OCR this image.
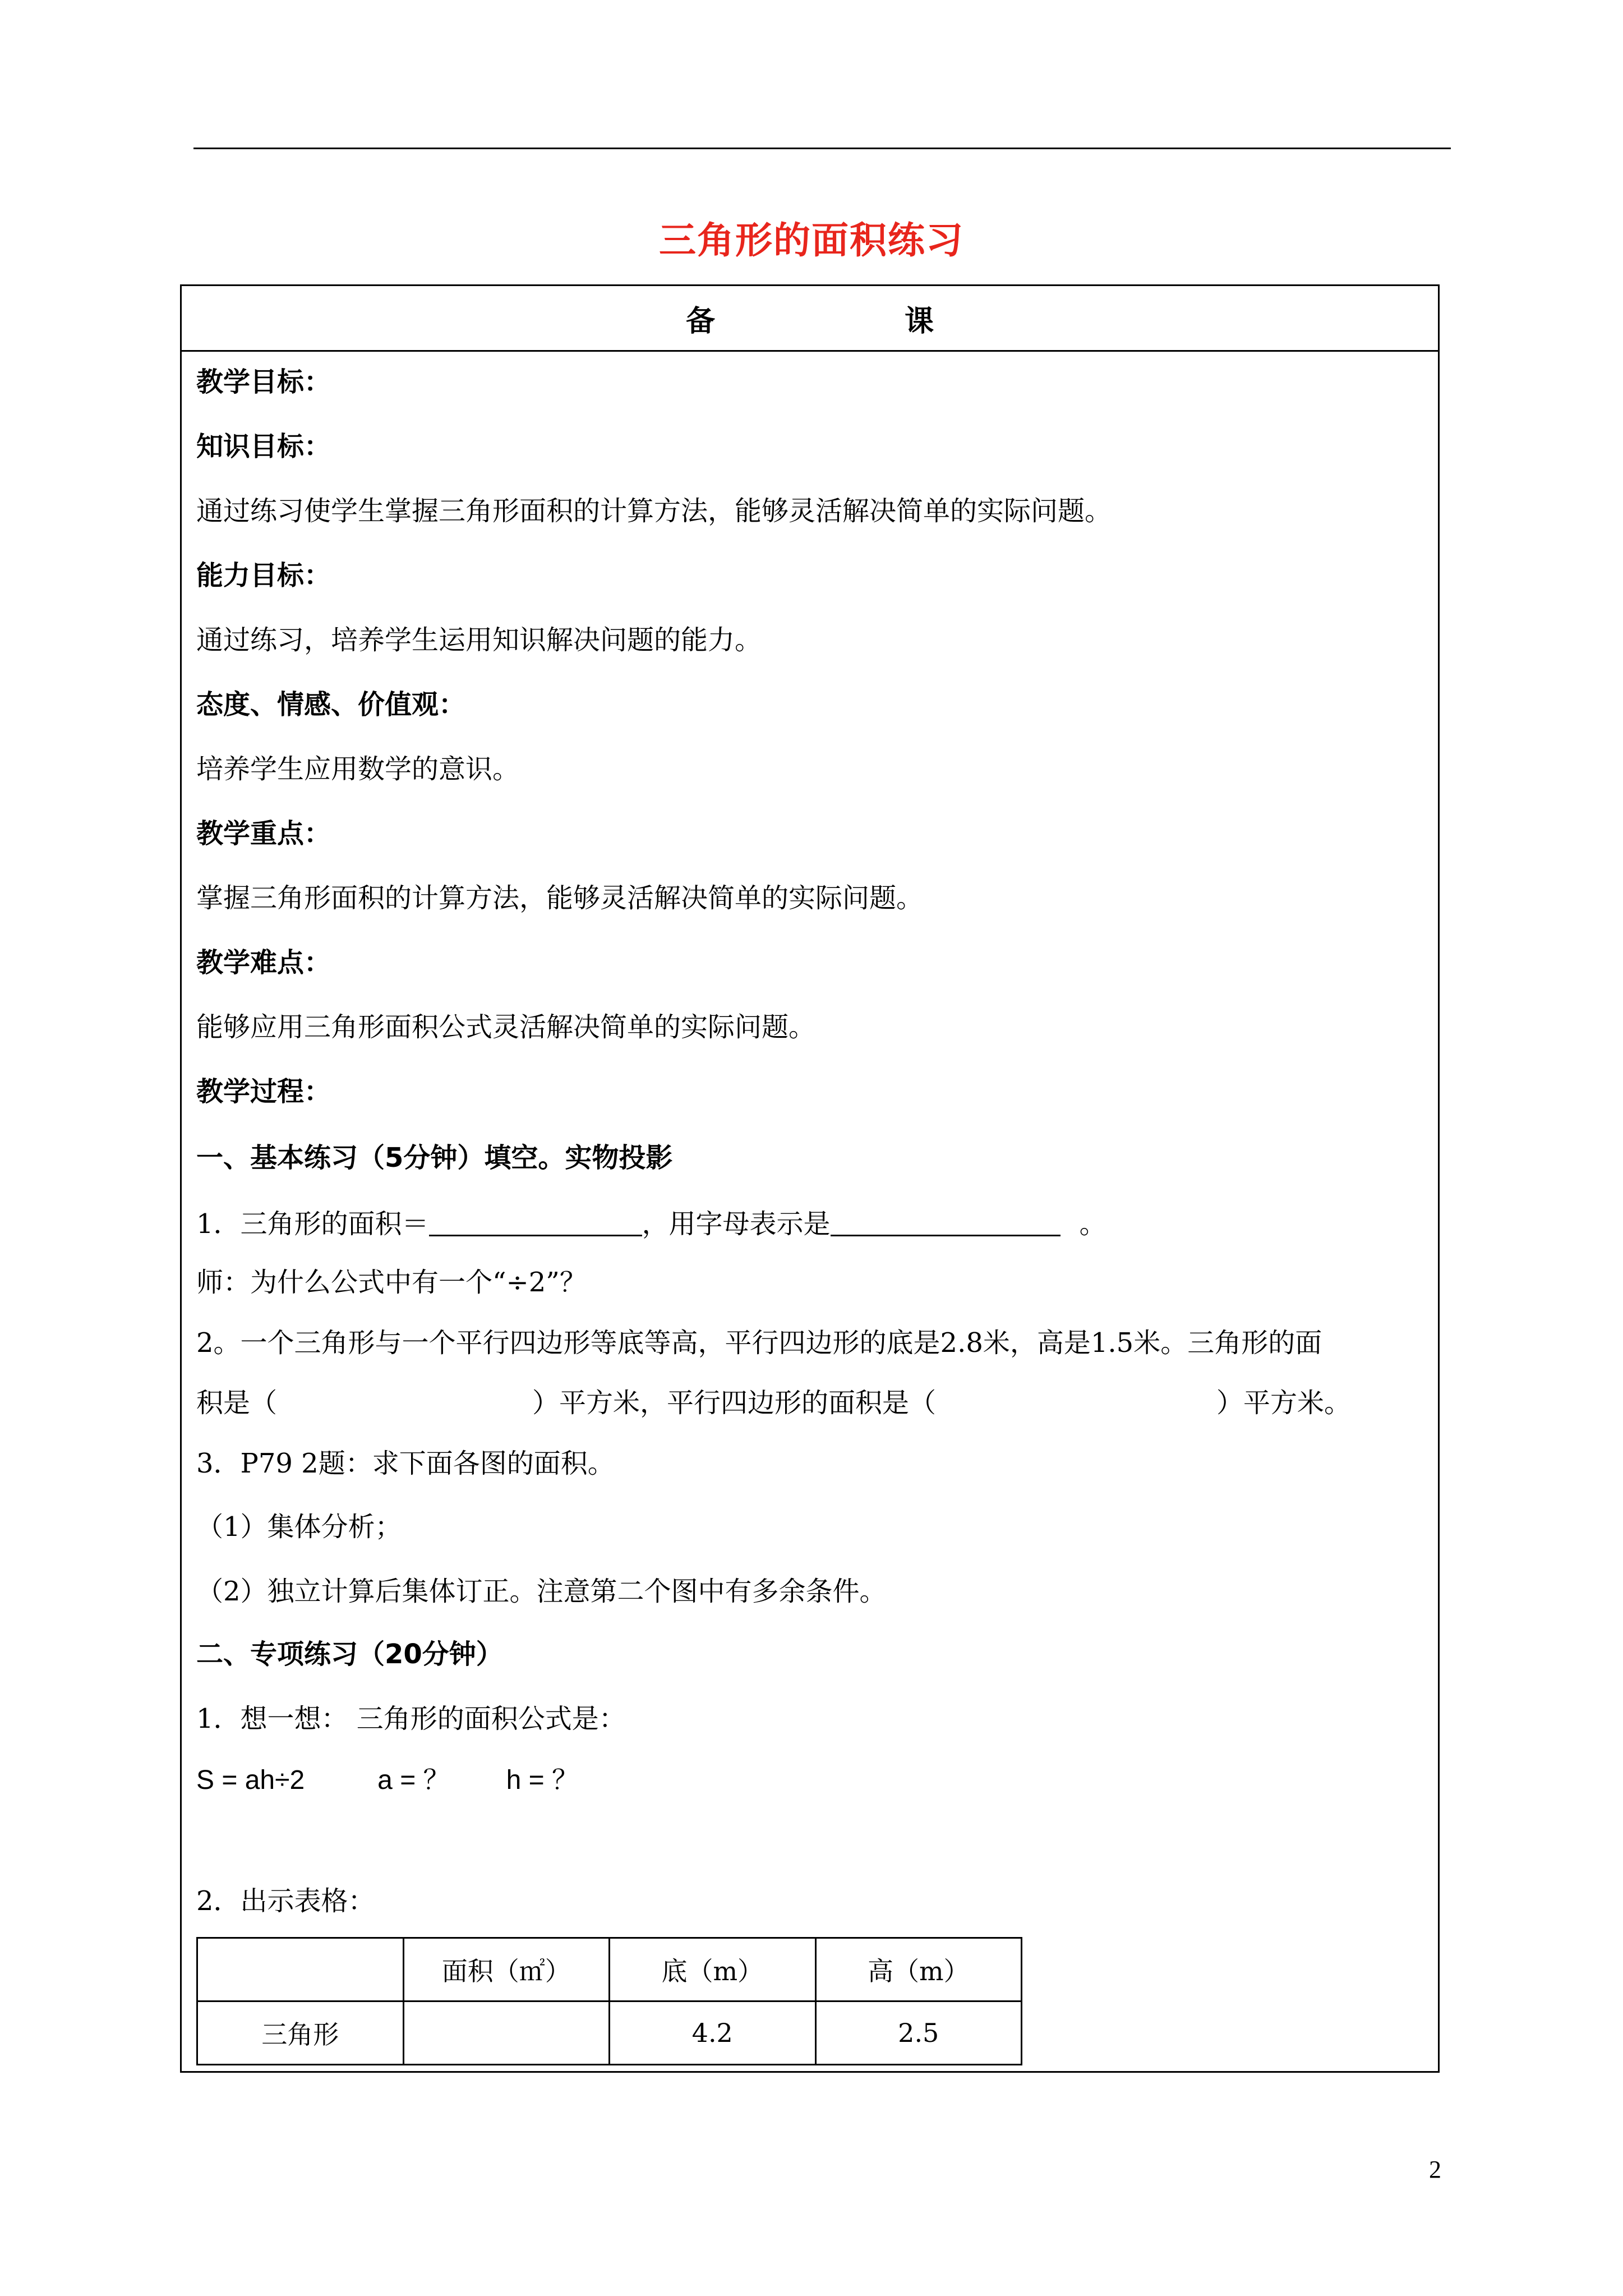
三角形的面积练习
备 课
教学目标：
知识目标：
通过练习使学生掌握三角形面积的计算方法，能够灵活解决简单的实际问题。
能力目标：
通过练习，培养学生运用知识解决问题的能力。
态度、情感、价值观：
培养学生应用数学的意识。
教学重点：
掌握三角形面积的计算方法，能够灵活解决简单的实际问题。
教学难点：
能够应用三角形面积公式灵活解决简单的实际问题。
教学过程：
一、基本练习（5分钟）填空。实物投影
1．三角形的面积＝	，用字母表示是	。
师：为什么公式中有一个“÷2”？
2。一个三角形与一个平行四边形等底等高，平行四边形的底是2.8米，高是1.5米。三角形的面
积是（	）平方米，平行四边形的面积是（	）平方米。
3．P79 2题：求下面各图的面积。
（1）集体分析；
（2）独立计算后集体订正。注意第二个图中有多余条件。
二、专项练习（20分钟）
1．想一想： 三角形的面积公式是：
S = ah÷2	a = ？ h = ？
2．出示表格：
	面积（㎡）	底（m）	高（m）
三角形		4.2	2.5
2
